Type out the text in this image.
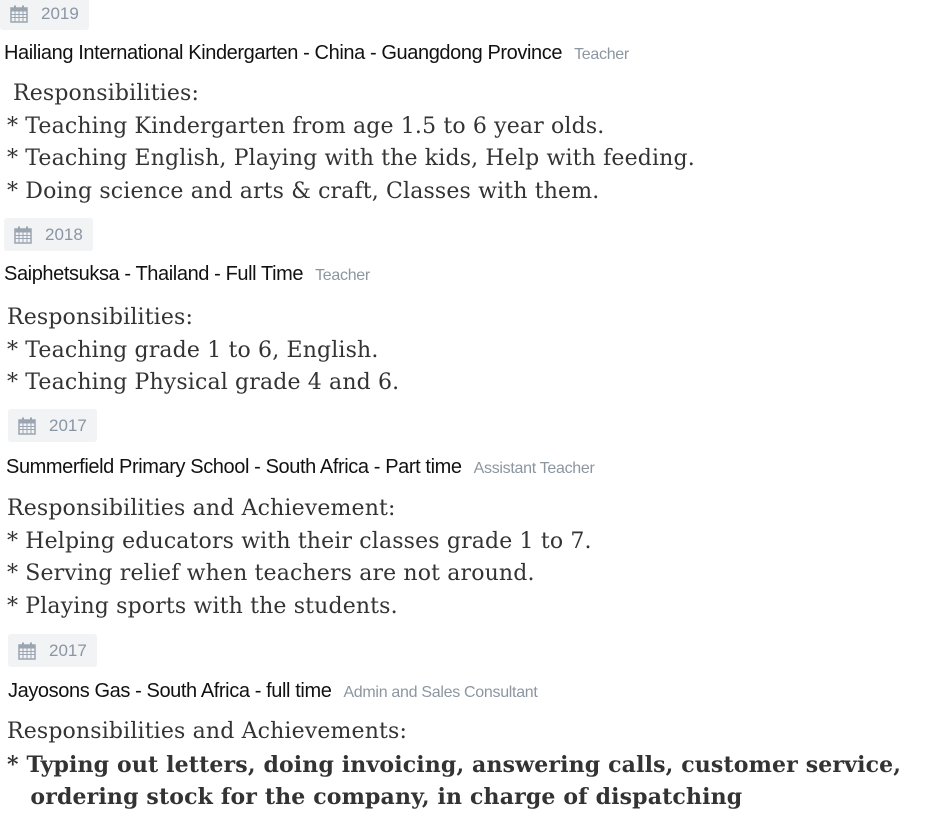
2019
Hailiang International Kindergarten - China - Guangdong Province Teacher
Responsibilities:
* Teaching Kindergarten from age 1.5 to 6 year olds.
* Teaching English, Playing with the kids, Help with feeding.
* Doing science and arts & craft, Classes with them.
2018
Saiphetsuksa - Thailand - Full Time Teacher
Responsibilities:
* Teaching grade 1 to 6, English.
* Teaching Physical grade 4 and 6.
2017
Summerfield Primary School - South Africa - Part time Assistant Teacher
Responsibilities and Achievement:
* Helping educators with their classes grade 1 to 7.
* Serving relief when teachers are not around.
* Playing sports with the students.
2017
Jayosons Gas - South Africa - full time Admin and Sales Consultant
Responsibilities and Achievements:
* Typing out letters, doing invoicing, answering calls, customer service,
ordering stock for the company, in charge of dispatching
